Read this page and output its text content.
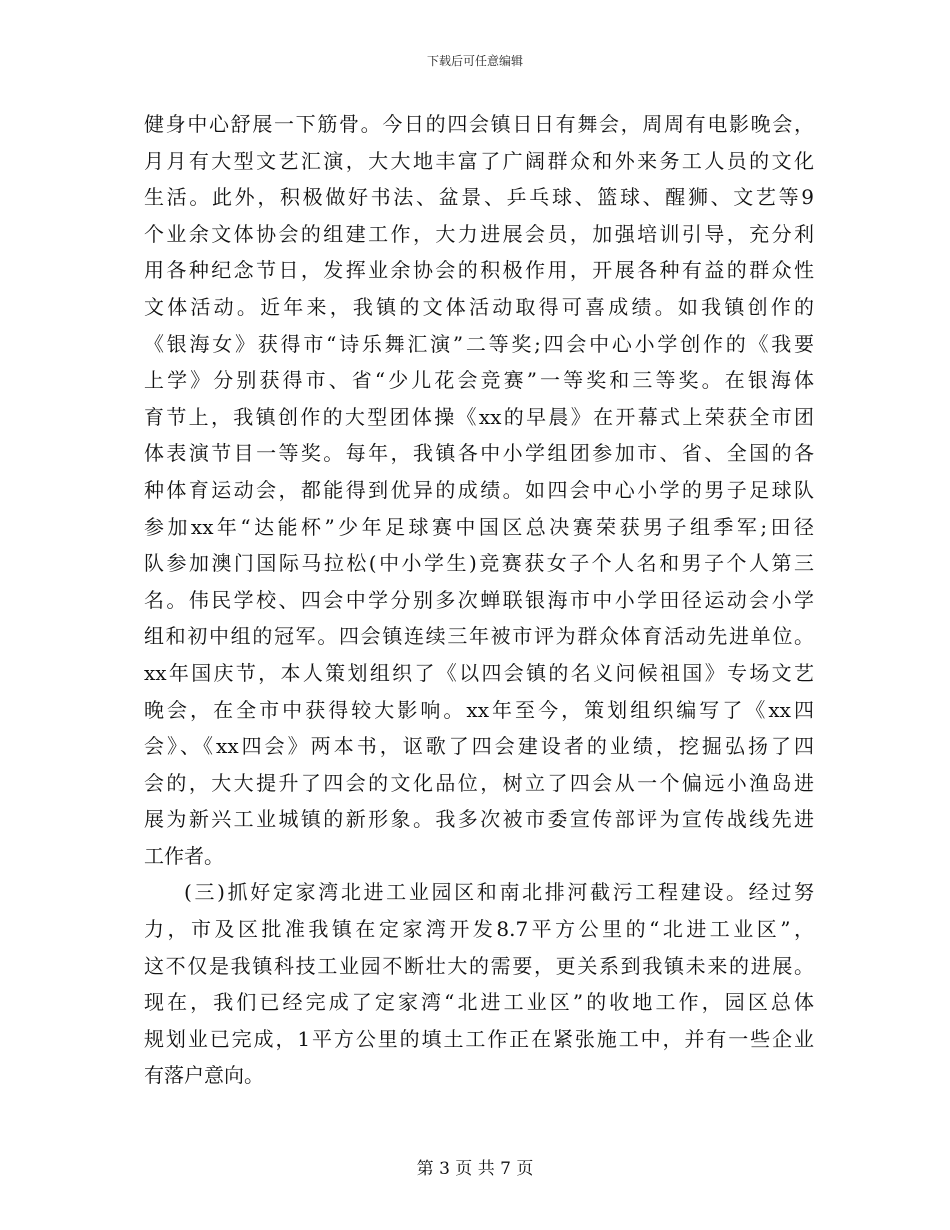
下载后可任意编辑
健身中心舒展一下筋骨。今日的四会镇日日有舞会，周周有电影晚会，
月月有大型文艺汇演，大大地丰富了广阔群众和外来务工人员的文化
生活。此外，积极做好书法、盆景、乒乓球、篮球、醒狮、文艺等9
个业余文体协会的组建工作，大力进展会员，加强培训引导，充分利
用各种纪念节日，发挥业余协会的积极作用，开展各种有益的群众性
文体活动。近年来，我镇的文体活动取得可喜成绩。如我镇创作的
《银海女》获得市“诗乐舞汇演”二等奖;四会中心小学创作的《我要
上学》分别获得市、省“少儿花会竞赛”一等奖和三等奖。在银海体
育节上，我镇创作的大型团体操《xx的早晨》在开幕式上荣获全市团
体表演节目一等奖。每年，我镇各中小学组团参加市、省、全国的各
种体育运动会，都能得到优异的成绩。如四会中心小学的男子足球队
参加xx年“达能杯”少年足球赛中国区总决赛荣获男子组季军;田径
队参加澳门国际马拉松(中小学生)竞赛获女子个人名和男子个人第三
名。伟民学校、四会中学分别多次蝉联银海市中小学田径运动会小学
组和初中组的冠军。四会镇连续三年被市评为群众体育活动先进单位。
xx年国庆节，本人策划组织了《以四会镇的名义问候祖国》专场文艺
晚会，在全市中获得较大影响。xx年至今，策划组织编写了《xx四
会》、《xx四会》两本书，讴歌了四会建设者的业绩，挖掘弘扬了四
会的，大大提升了四会的文化品位，树立了四会从一个偏远小渔岛进
展为新兴工业城镇的新形象。我多次被市委宣传部评为宣传战线先进
工作者。
(三)抓好定家湾北进工业园区和南北排河截污工程建设。经过努
力，市及区批准我镇在定家湾开发8.7平方公里的“北进工业区”，
这不仅是我镇科技工业园不断壮大的需要，更关系到我镇未来的进展。
现在，我们已经完成了定家湾“北进工业区”的收地工作，园区总体
规划业已完成，1平方公里的填土工作正在紧张施工中，并有一些企业
有落户意向。
第 3 页 共 7 页
